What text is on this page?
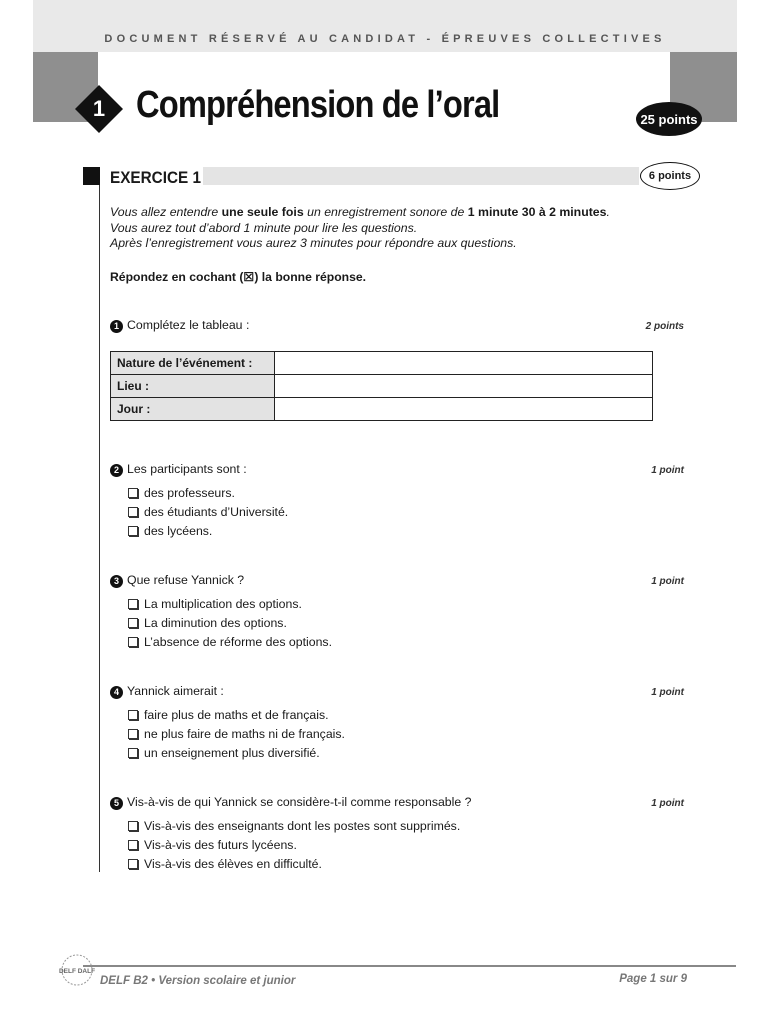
DOCUMENT RÉSERVÉ AU CANDIDAT - ÉPREUVES COLLECTIVES
1 Compréhension de l’oral	25 points
EXERCICE 1	6 points
Vous allez entendre une seule fois un enregistrement sonore de 1 minute 30 à 2 minutes.
Vous aurez tout d’abord 1 minute pour lire les questions.
Après l’enregistrement vous aurez 3 minutes pour répondre aux questions.
Répondez en cochant (☒) la bonne réponse.
1 Complétez le tableau :	2 points
Nature de l’événement :	
Lieu :	
Jour :	
2 Les participants sont :	1 point
des professeurs.
des étudiants d’Université.
des lycéens.
3 Que refuse Yannick ?	1 point
La multiplication des options.
La diminution des options.
L’absence de réforme des options.
4 Yannick aimerait :	1 point
faire plus de maths et de français.
ne plus faire de maths ni de français.
un enseignement plus diversifié.
5 Vis-à-vis de qui Yannick se considère-t-il comme responsable ?	1 point
Vis-à-vis des enseignants dont les postes sont supprimés.
Vis-à-vis des futurs lycéens.
Vis-à-vis des élèves en difficulté.
DELF DALF
DELF B2 • Version scolaire et junior	Page 1 sur 9
